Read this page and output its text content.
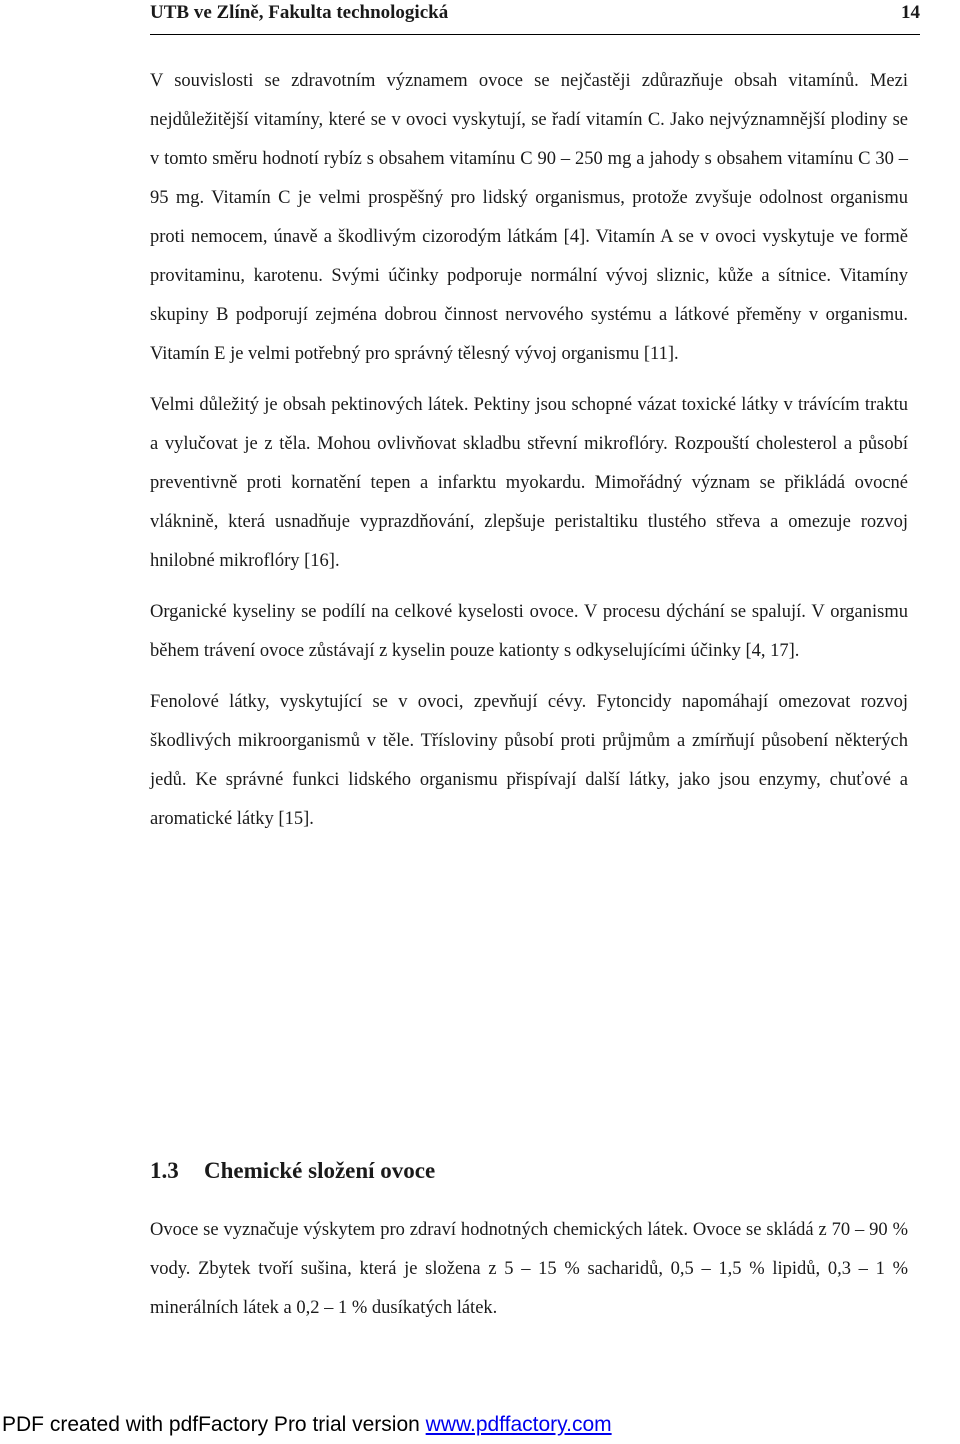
UTB ve Zlíně, Fakulta technologická	14

V souvislosti se zdravotním významem ovoce se nejčastěji zdůrazňuje obsah vitamínů. Mezi nejdůležitější vitamíny, které se v ovoci vyskytují, se řadí vitamín C. Jako nejvýznamnější plodiny se v tomto směru hodnotí rybíz s obsahem vitamínu C 90 – 250 mg a jahody s obsahem vitamínu C 30 – 95 mg. Vitamín C je velmi prospěšný pro lidský organismus, protože zvyšuje odolnost organismu proti nemocem, únavě a škodlivým cizorodým látkám [4]. Vitamín A se v ovoci vyskytuje ve formě provitaminu, karotenu. Svými účinky podporuje normální vývoj sliznic, kůže a sítnice. Vitamíny skupiny B podporují zejména dobrou činnost nervového systému a látkové přeměny v organismu. Vitamín E je velmi potřebný pro správný tělesný vývoj organismu [11].

Velmi důležitý je obsah pektinových látek. Pektiny jsou schopné vázat toxické látky v trávícím traktu a vylučovat je z těla. Mohou ovlivňovat skladbu střevní mikroflóry. Rozpouští cholesterol a působí preventivně proti kornatění tepen a infarktu myokardu. Mimořádný význam se přikládá ovocné vláknině, která usnadňuje vyprazdňování, zlepšuje peristaltiku tlustého střeva a omezuje rozvoj hnilobné mikroflóry [16].

Organické kyseliny se podílí na celkové kyselosti ovoce. V procesu dýchání se spalují. V organismu během trávení ovoce zůstávají z kyselin pouze kationty s odkyselujícími účinky [4, 17].

Fenolové látky, vyskytující se v ovoci, zpevňují cévy. Fytoncidy napomáhají omezovat rozvoj škodlivých mikroorganismů v těle. Třísloviny působí proti průjmům a zmírňují působení některých jedů. Ke správné funkci lidského organismu přispívají další látky, jako jsou enzymy, chuťové a aromatické látky [15].

1.3 Chemické složení ovoce

Ovoce se vyznačuje výskytem pro zdraví hodnotných chemických látek. Ovoce se skládá z 70 – 90 % vody. Zbytek tvoří sušina, která je složena z 5 – 15 % sacharidů, 0,5 – 1,5 % lipidů, 0,3 – 1 % minerálních látek a 0,2 – 1 % dusíkatých látek.

PDF created with pdfFactory Pro trial version www.pdffactory.com
